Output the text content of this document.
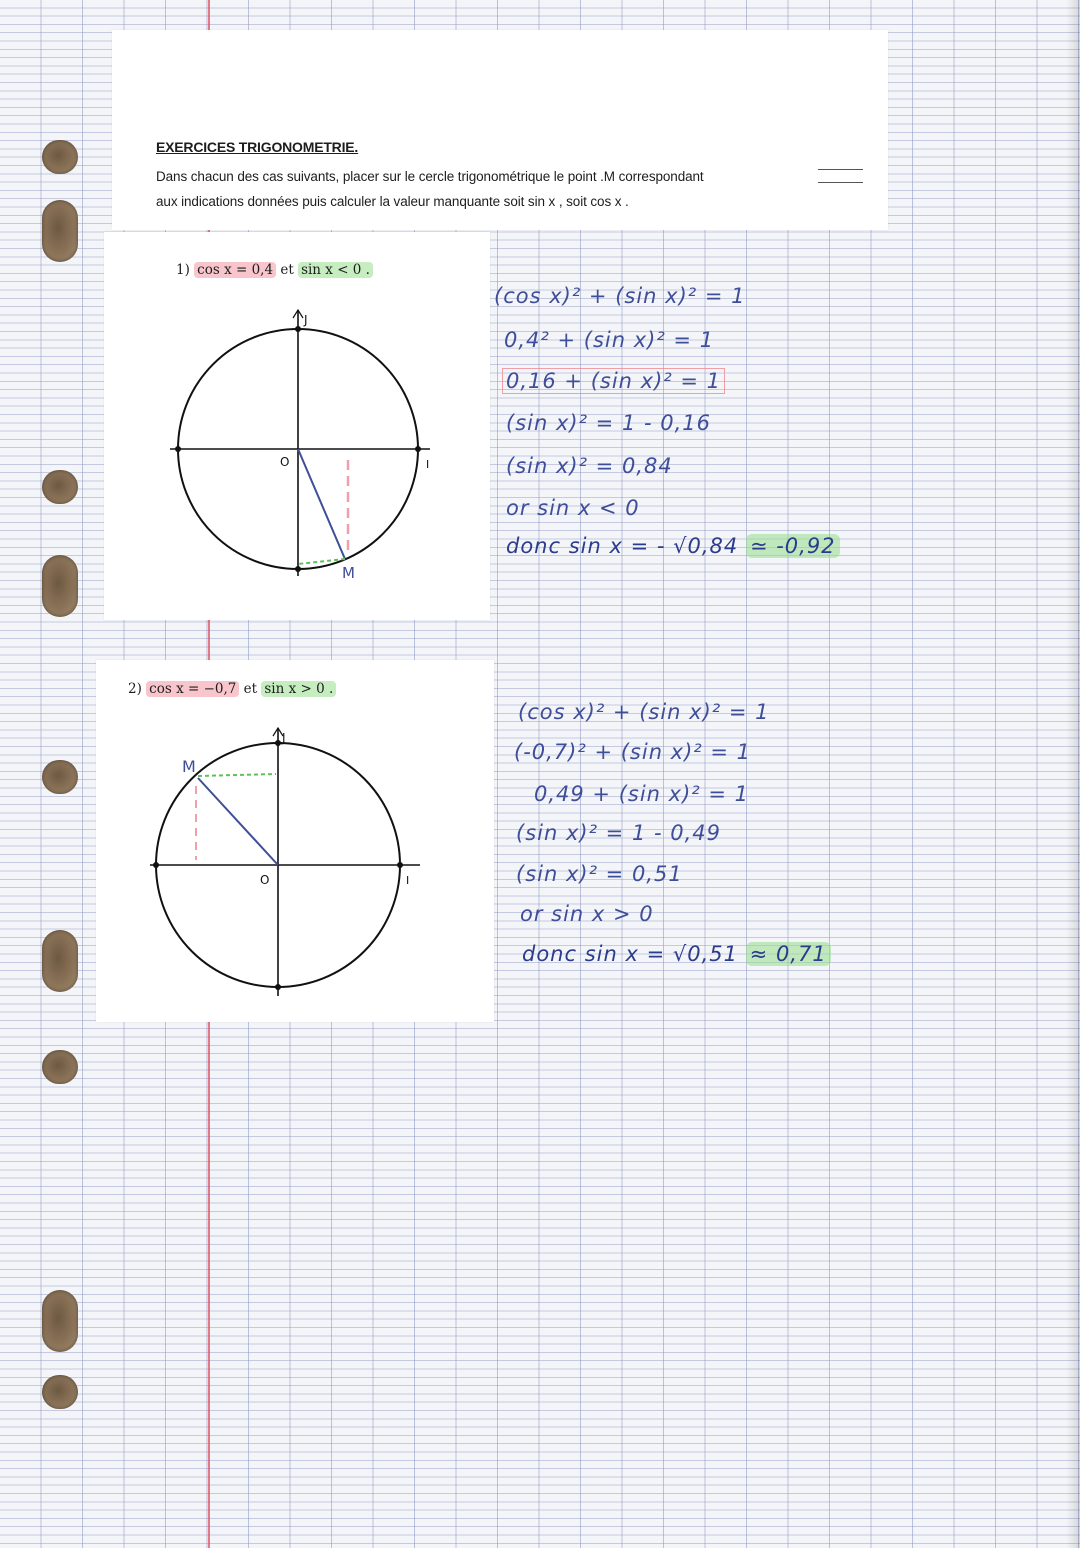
EXERCICES TRIGONOMETRIE.
Dans chacun des cas suivants, placer sur le cercle trigonométrique le point .M correspondant
aux indications données puis calculer la valeur manquante soit sin x , soit cos x .
1) cos x = 0,4 et sin x < 0 .
J
O	I
M
(cos x)² + (sin x)² = 1
0,4² + (sin x)² = 1
0,16 + (sin x)² = 1
(sin x)² = 1 - 0,16
(sin x)² = 0,84
or sin x < 0
donc sin x = - √0,84 ≃ -0,92
2) cos x = −0,7 et sin x > 0 .
J
O	I
M
(cos x)² + (sin x)² = 1
(-0,7)² + (sin x)² = 1
0,49 + (sin x)² = 1
(sin x)² = 1 - 0,49
(sin x)² = 0,51
or sin x > 0
donc sin x = √0,51 ≈ 0,71
